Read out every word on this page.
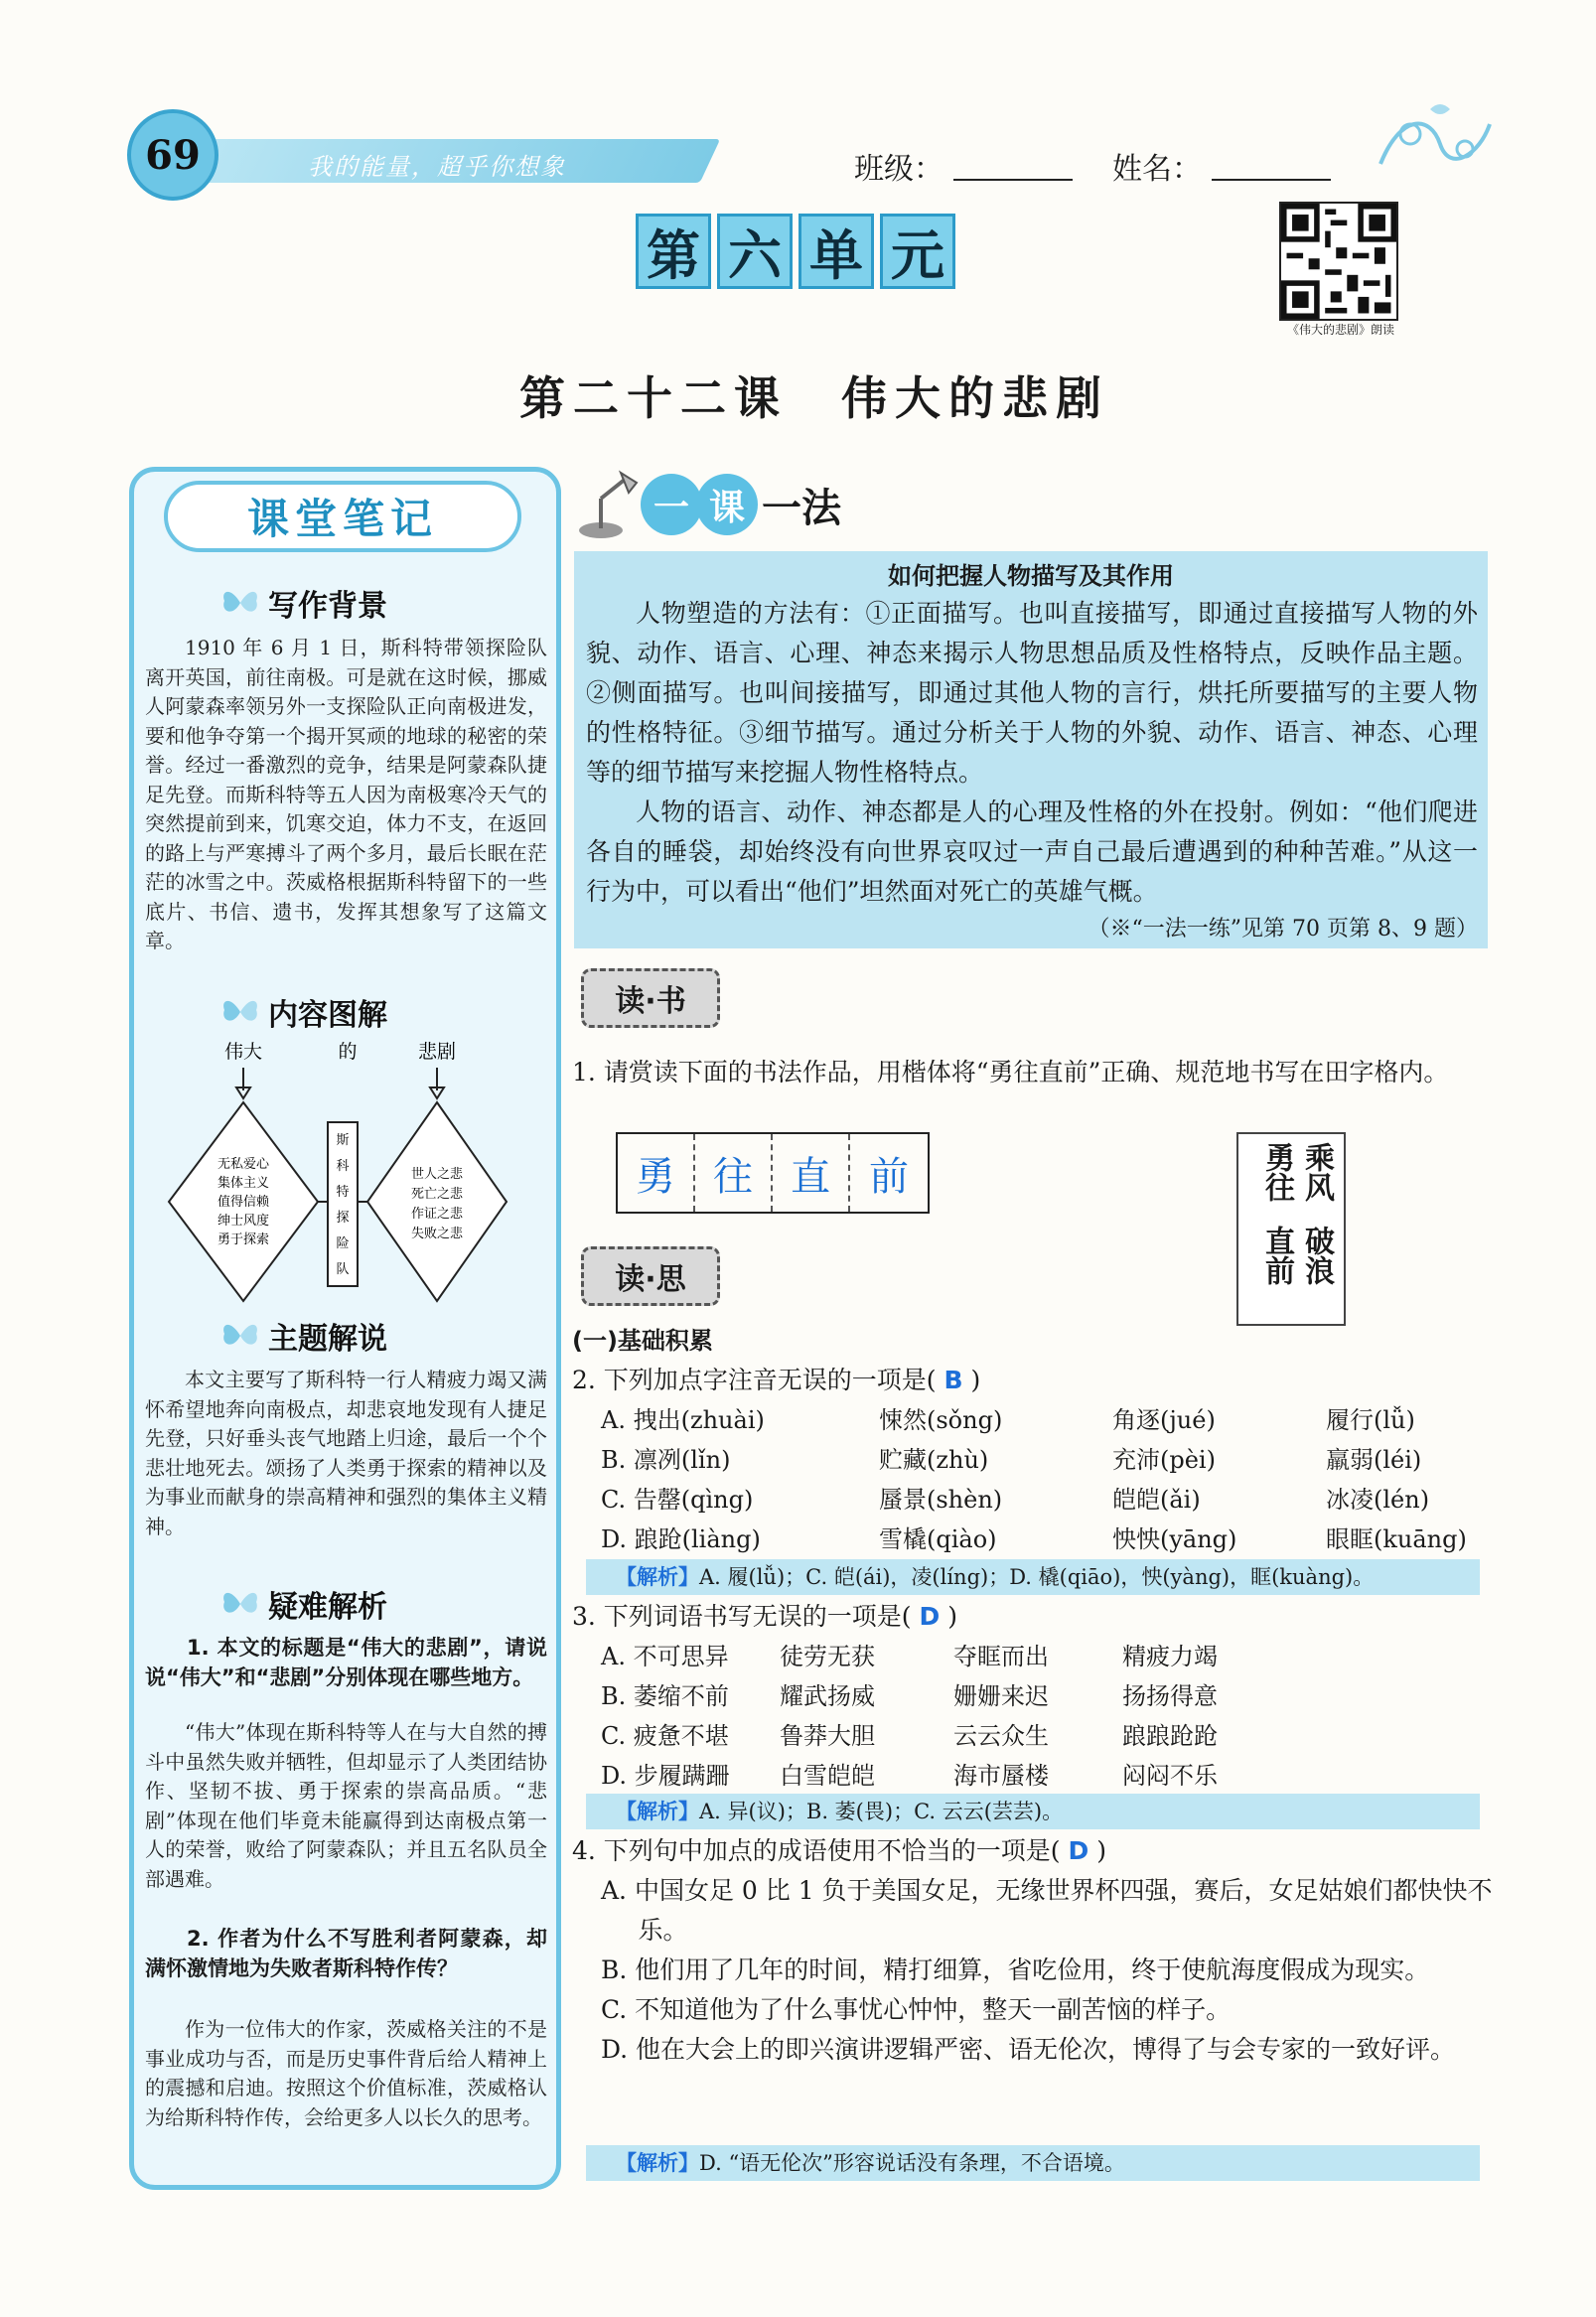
我的能量，超乎你想象
69	班级：	姓名：
第 六 单 元
《伟大的悲剧》朗读
第二十二课　伟大的悲剧
课堂笔记
写作背景
1910 年 6 月 1 日，斯科特带领探险队离开英国，前往南极。可是就在这时候，挪威人阿蒙森率领另外一支探险队正向南极进发，要和他争夺第一个揭开冥顽的地球的秘密的荣誉。经过一番激烈的竞争，结果是阿蒙森队捷足先登。而斯科特等五人因为南极寒冷天气的突然提前到来，饥寒交迫，体力不支，在返回的路上与严寒搏斗了两个多月，最后长眠在茫茫的冰雪之中。茨威格根据斯科特留下的一些底片、书信、遗书，发挥其想象写了这篇文章。
内容图解
伟大	的	悲剧
无私爱心
集体主义
值得信赖
绅士风度
勇于探索
斯
科
特
探
险
队
世人之悲
死亡之悲
作证之悲
失败之悲
主题解说
本文主要写了斯科特一行人精疲力竭又满怀希望地奔向南极点，却悲哀地发现有人捷足先登，只好垂头丧气地踏上归途，最后一个个悲壮地死去。颂扬了人类勇于探索的精神以及为事业而献身的崇高精神和强烈的集体主义精神。
疑难解析
1. 本文的标题是“伟大的悲剧”，请说说“伟大”和“悲剧”分别体现在哪些地方。
“伟大”体现在斯科特等人在与大自然的搏斗中虽然失败并牺牲，但却显示了人类团结协作、坚韧不拔、勇于探索的崇高品质。“悲剧”体现在他们毕竟未能赢得到达南极点第一人的荣誉，败给了阿蒙森队；并且五名队员全部遇难。
2. 作者为什么不写胜利者阿蒙森，却满怀激情地为失败者斯科特作传？
作为一位伟大的作家，茨威格关注的不是事业成功与否，而是历史事件背后给人精神上的震撼和启迪。按照这个价值标准，茨威格认为给斯科特作传，会给更多人以长久的思考。
一 课 一法
如何把握人物描写及其作用

人物塑造的方法有：①正面描写。也叫直接描写，即通过直接描写人物的外貌、动作、语言、心理、神态来揭示人物思想品质及性格特点，反映作品主题。②侧面描写。也叫间接描写，即通过其他人物的言行，烘托所要描写的主要人物的性格特征。③细节描写。通过分析关于人物的外貌、动作、语言、神态、心理等的细节描写来挖掘人物性格特点。

人物的语言、动作、神态都是人的心理及性格的外在投射。例如：“他们爬进各自的睡袋，却始终没有向世界哀叹过一声自己最后遭遇到的种种苦难。”从这一行为中，可以看出“他们”坦然面对死亡的英雄气概。

（※“一法一练”见第 70 页第 8、9 题）
读·书
1. 请赏读下面的书法作品，用楷体将“勇往直前”正确、规范地书写在田字格内。
勇 往 直 前	乘风
破浪
勇往
直前
读·思
(一)基础积累
2. 下列加点字注音无误的一项是( B )
A. 拽出(zhuài)	悚然(sǒng)	角逐(jué)	履行(lǚ)
B. 凛冽(lǐn)	贮藏(zhù)	充沛(pèi)	羸弱(léi)
C. 告罄(qìng)	蜃景(shèn)	皑皑(ǎi)	冰凌(lén)
D. 踉跄(liàng)	雪橇(qiào)	怏怏(yāng)	眼眶(kuāng)
【解析】A. 履(lǚ)；C. 皑(ái)，凌(líng)；D. 橇(qiāo)，怏(yàng)，眶(kuàng)。
3. 下列词语书写无误的一项是( D )
A. 不可思异	徒劳无获	夺眶而出	精疲力竭
B. 萎缩不前	耀武扬威	姗姗来迟	扬扬得意
C. 疲惫不堪	鲁莽大胆	云云众生	踉踉跄跄
D. 步履蹒跚	白雪皑皑	海市蜃楼	闷闷不乐
【解析】A. 异(议)；B. 萎(畏)；C. 云云(芸芸)。
4. 下列句中加点的成语使用不恰当的一项是( D )
A. 中国女足 0 比 1 负于美国女足，无缘世界杯四强，赛后，女足姑娘们都快快不乐。
B. 他们用了几年的时间，精打细算，省吃俭用，终于使航海度假成为现实。
C. 不知道他为了什么事忧心忡忡，整天一副苦恼的样子。
D. 他在大会上的即兴演讲逻辑严密、语无伦次，博得了与会专家的一致好评。
【解析】D. “语无伦次”形容说话没有条理，不合语境。
